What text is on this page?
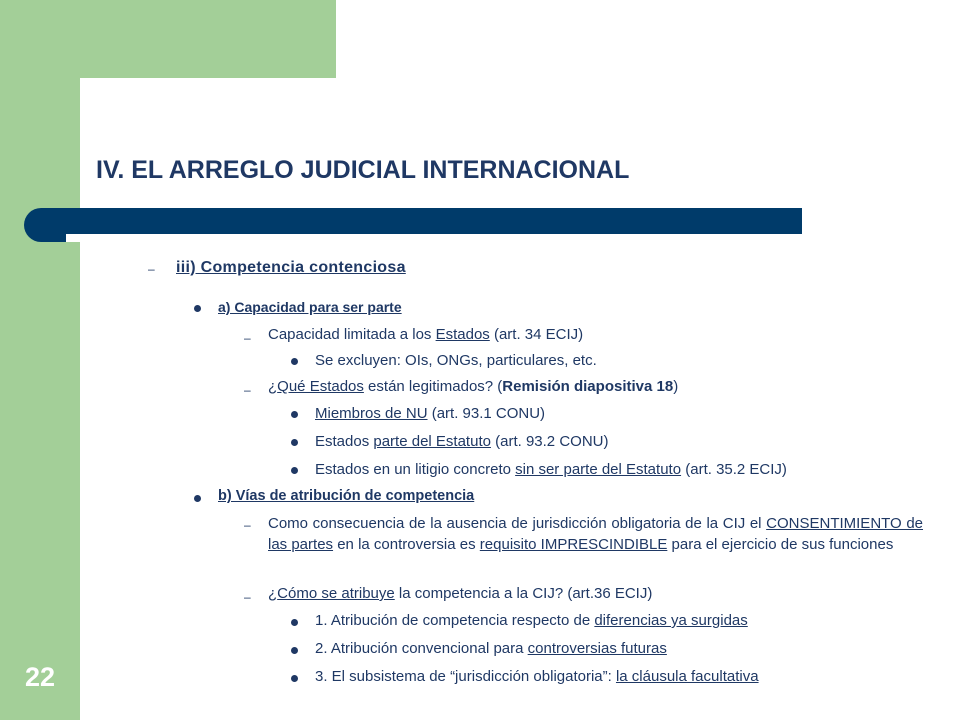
IV. EL ARREGLO JUDICIAL INTERNACIONAL
22
– iii) Competencia contenciosa
a) Capacidad para ser parte
– Capacidad limitada a los Estados (art. 34 ECIJ)
Se excluyen: OIs, ONGs, particulares, etc.
– ¿Qué Estados están legitimados? (Remisión diapositiva 18)
Miembros de NU (art. 93.1 CONU)
Estados parte del Estatuto (art. 93.2 CONU)
Estados en un litigio concreto sin ser parte del Estatuto (art. 35.2 ECIJ)
b) Vías de atribución de competencia
– Como consecuencia de la ausencia de jurisdicción obligatoria de la CIJ el CONSENTIMIENTO de las partes en la controversia es requisito IMPRESCINDIBLE para el ejercicio de sus funciones
– ¿Cómo se atribuye la competencia a la CIJ? (art.36 ECIJ)
1. Atribución de competencia respecto de diferencias ya surgidas
2. Atribución convencional para controversias futuras
3. El subsistema de “jurisdicción obligatoria”: la cláusula facultativa
